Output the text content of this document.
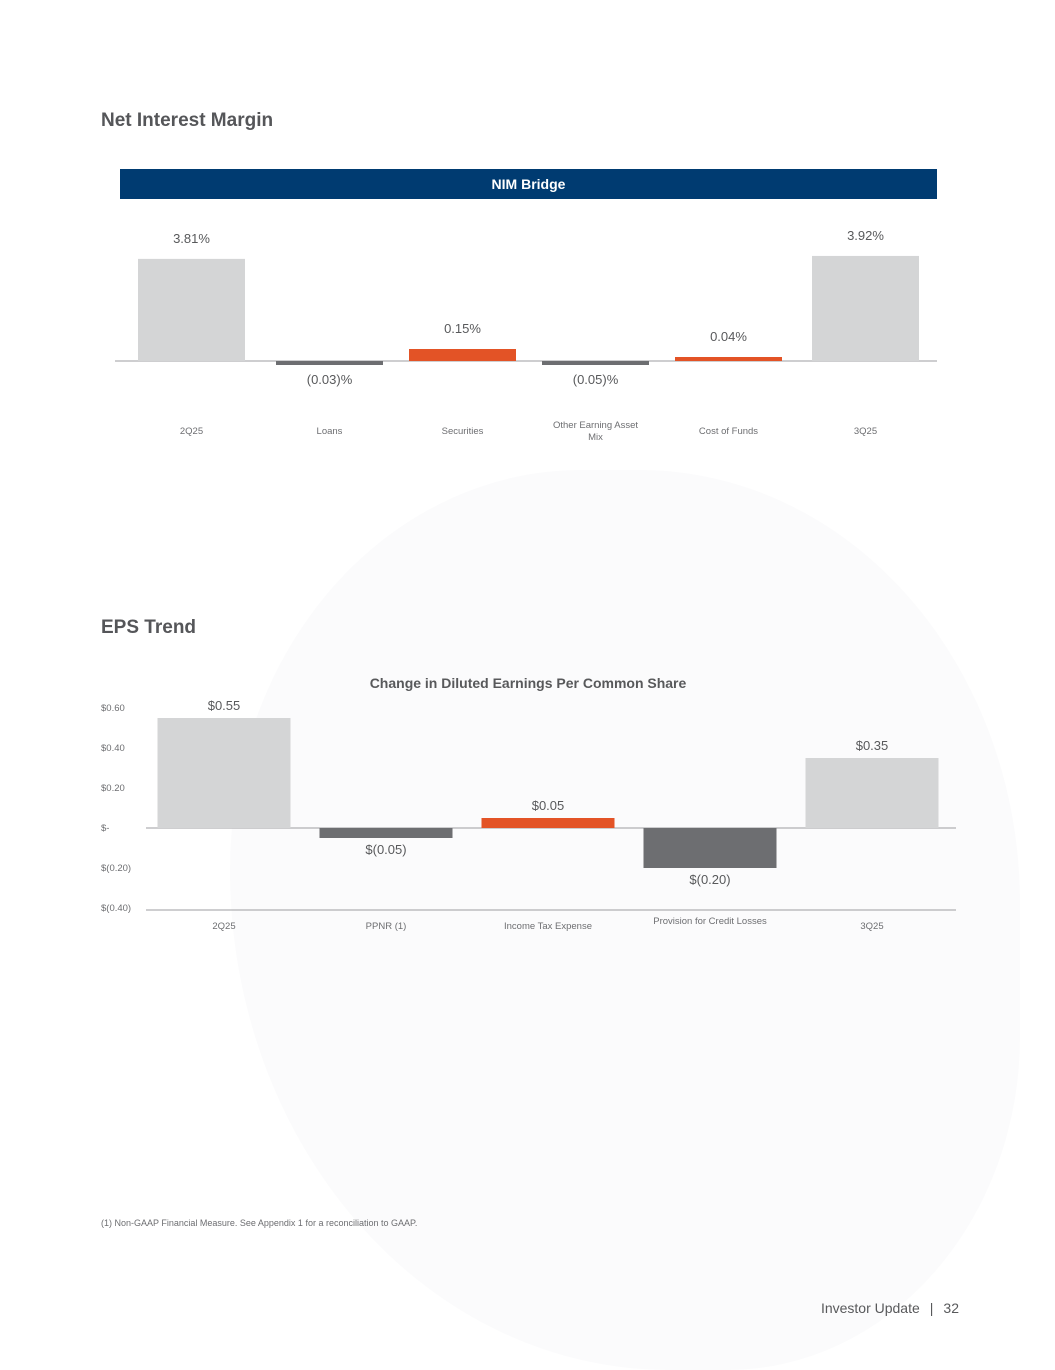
Net Interest Margin
NIM Bridge
3.81%
2Q25
(0.03)%
Loans
0.15%
Securities
(0.05)%
Other Earning Asset Mix
0.04%
Cost of Funds
3.92%
3Q25
EPS Trend
Change in Diluted Earnings Per Common Share
$0.60
$0.40
$0.20
$-
$(0.20)
$(0.40)
$0.55
2Q25
$(0.05)
PPNR (1)
$0.05
Income Tax Expense
$(0.20)
Provision for Credit Losses
$0.35
3Q25
(1) Non-GAAP Financial Measure. See Appendix 1 for a reconciliation to GAAP.
Investor Update | 32
